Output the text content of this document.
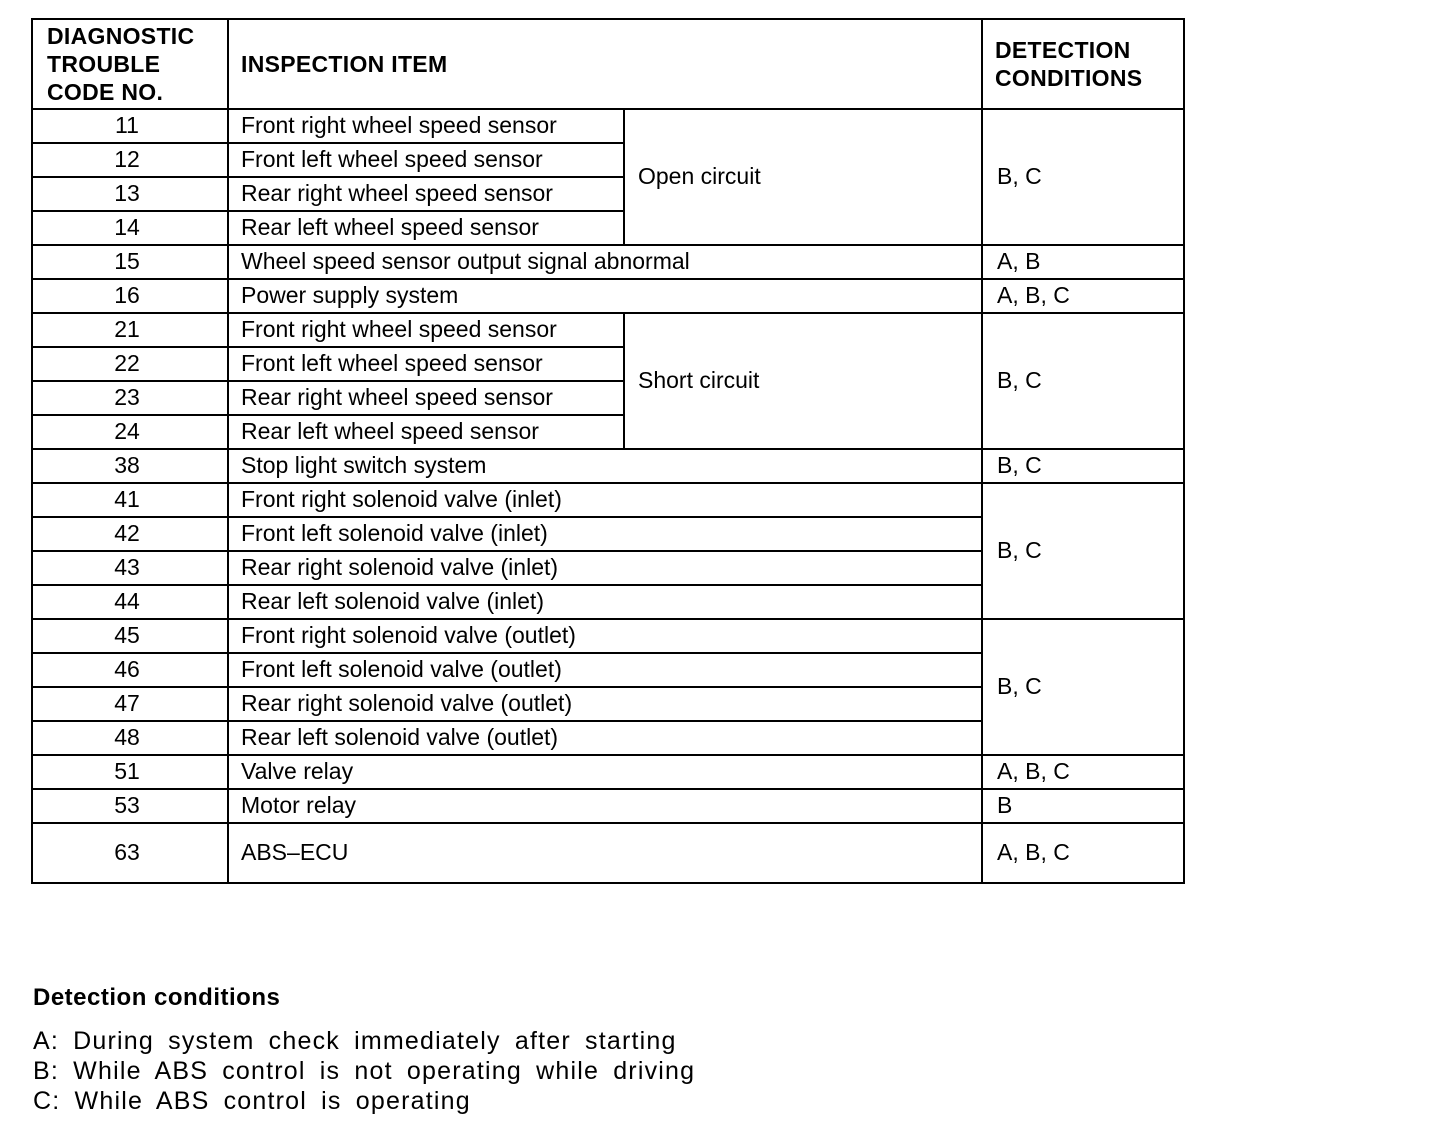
DIAGNOSTIC TROUBLE CODE NO.	INSPECTION ITEM		DETECTION CONDITIONS
11	Front right wheel speed sensor	Open circuit	B, C
12	Front left wheel speed sensor		
13	Rear right wheel speed sensor		
14	Rear left wheel speed sensor		
15	Wheel speed sensor output signal abnormal		A, B
16	Power supply system		A, B, C
21	Front right wheel speed sensor	Short circuit	B, C
22	Front left wheel speed sensor		
23	Rear right wheel speed sensor		
24	Rear left wheel speed sensor		
38	Stop light switch system		B, C
41	Front right solenoid valve (inlet)		B, C
42	Front left solenoid valve (inlet)		
43	Rear right solenoid valve (inlet)		
44	Rear left solenoid valve (inlet)		
45	Front right solenoid valve (outlet)		B, C
46	Front left solenoid valve (outlet)		
47	Rear right solenoid valve (outlet)		
48	Rear left solenoid valve (outlet)		
51	Valve relay		A, B, C
53	Motor relay		B
63	ABS–ECU		A, B, C
Detection conditions
A: During system check immediately after starting
B: While ABS control is not operating while driving
C: While ABS control is operating
